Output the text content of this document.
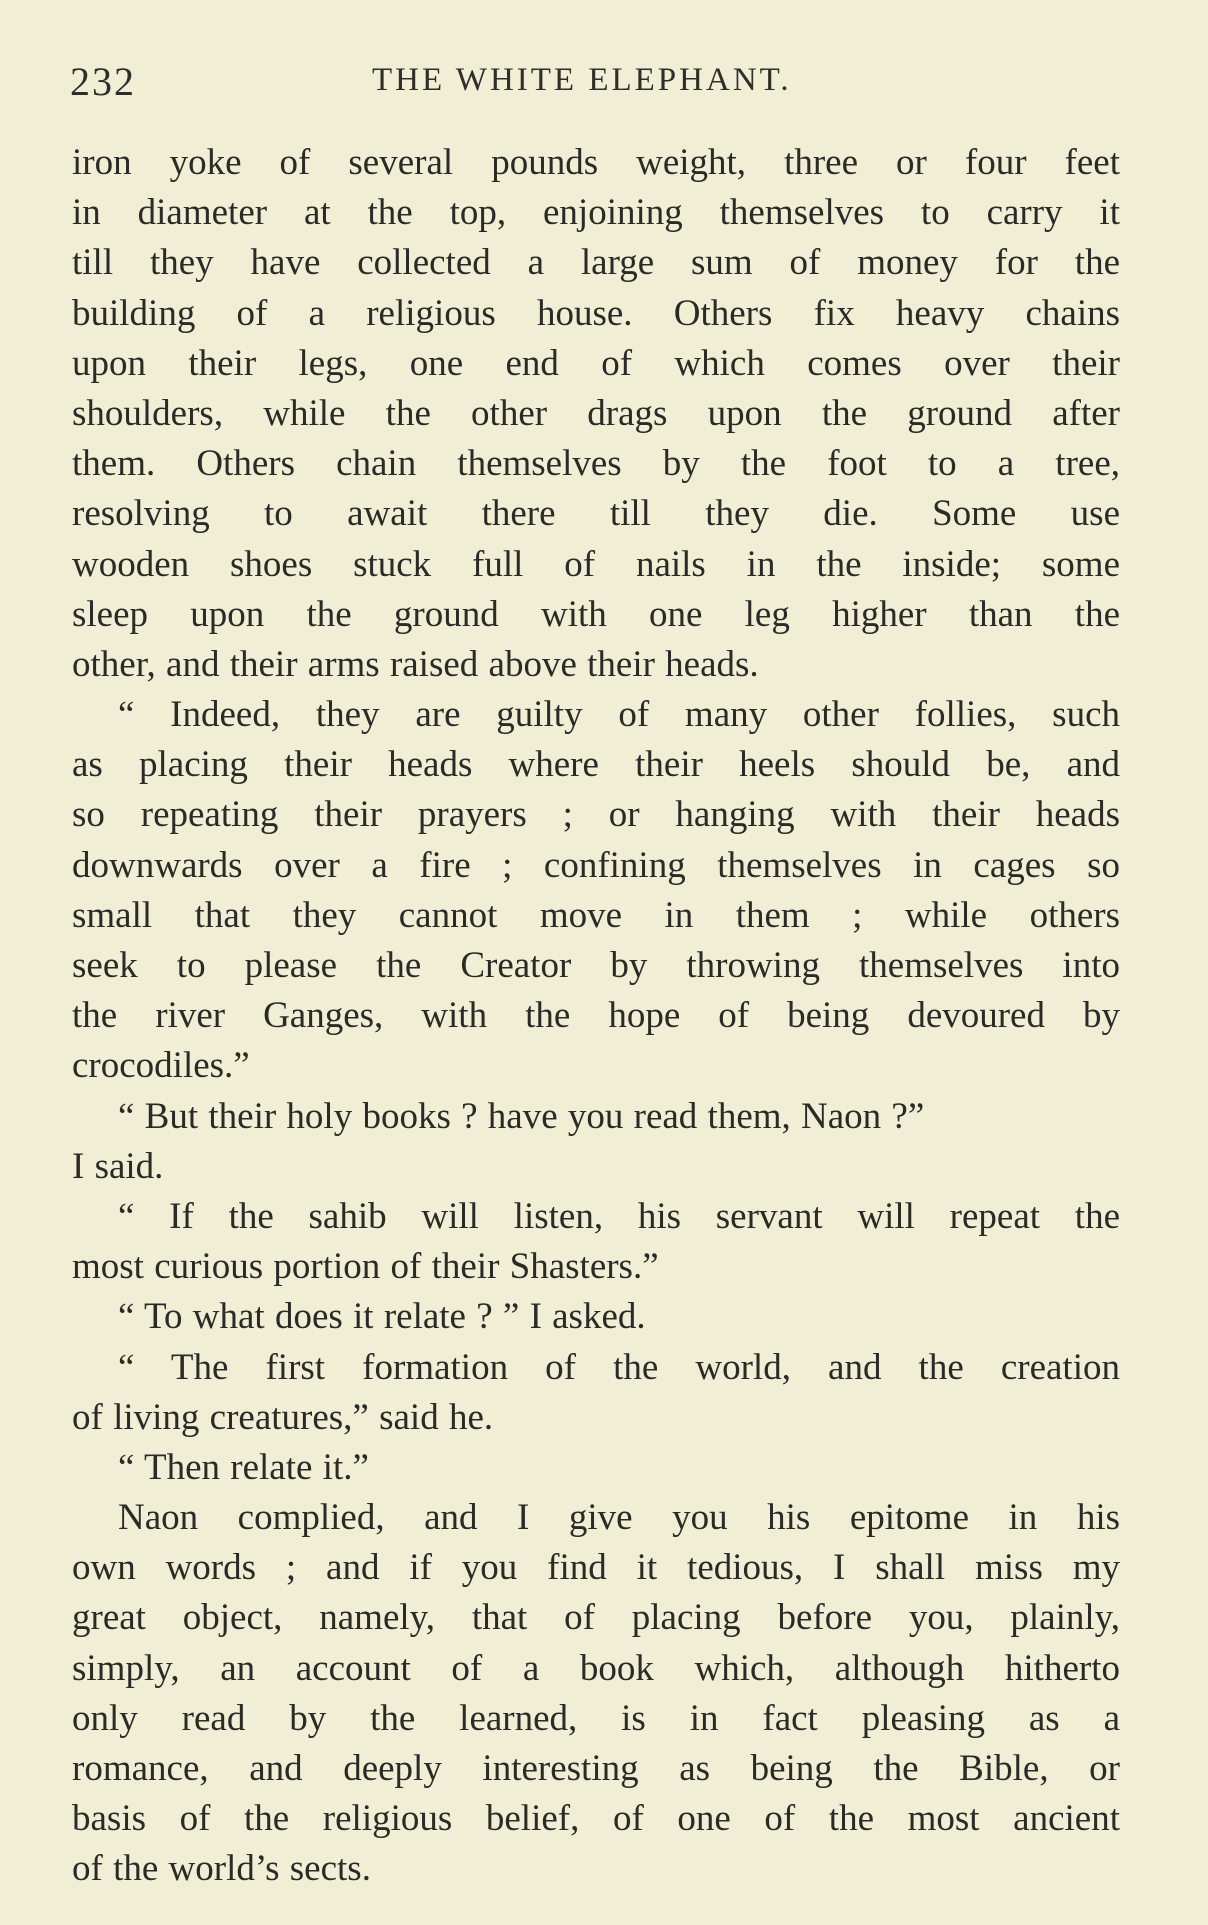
232	THE WHITE ELEPHANT.
iron yoke of several pounds weight, three or four feet
in diameter at the top, enjoining themselves to carry it
till they have collected a large sum of money for the
building of a religious house. Others fix heavy chains
upon their legs, one end of which comes over their
shoulders, while the other drags upon the ground after
them. Others chain themselves by the foot to a tree,
resolving to await there till they die. Some use
wooden shoes stuck full of nails in the inside; some
sleep upon the ground with one leg higher than the
other, and their arms raised above their heads.
“ Indeed, they are guilty of many other follies, such
as placing their heads where their heels should be, and
so repeating their prayers ; or hanging with their heads
downwards over a fire ; confining themselves in cages so
small that they cannot move in them ; while others
seek to please the Creator by throwing themselves into
the river Ganges, with the hope of being devoured by
crocodiles.”
“ But their holy books ? have you read them, Naon ?”
I said.
“ If the sahib will listen, his servant will repeat the
most curious portion of their Shasters.”
“ To what does it relate ? ” I asked.
“ The first formation of the world, and the creation
of living creatures,” said he.
“ Then relate it.”
Naon complied, and I give you his epitome in his
own words ; and if you find it tedious, I shall miss my
great object, namely, that of placing before you, plainly,
simply, an account of a book which, although hitherto
only read by the learned, is in fact pleasing as a
romance, and deeply interesting as being the Bible, or
basis of the religious belief, of one of the most ancient
of the world’s sects.
